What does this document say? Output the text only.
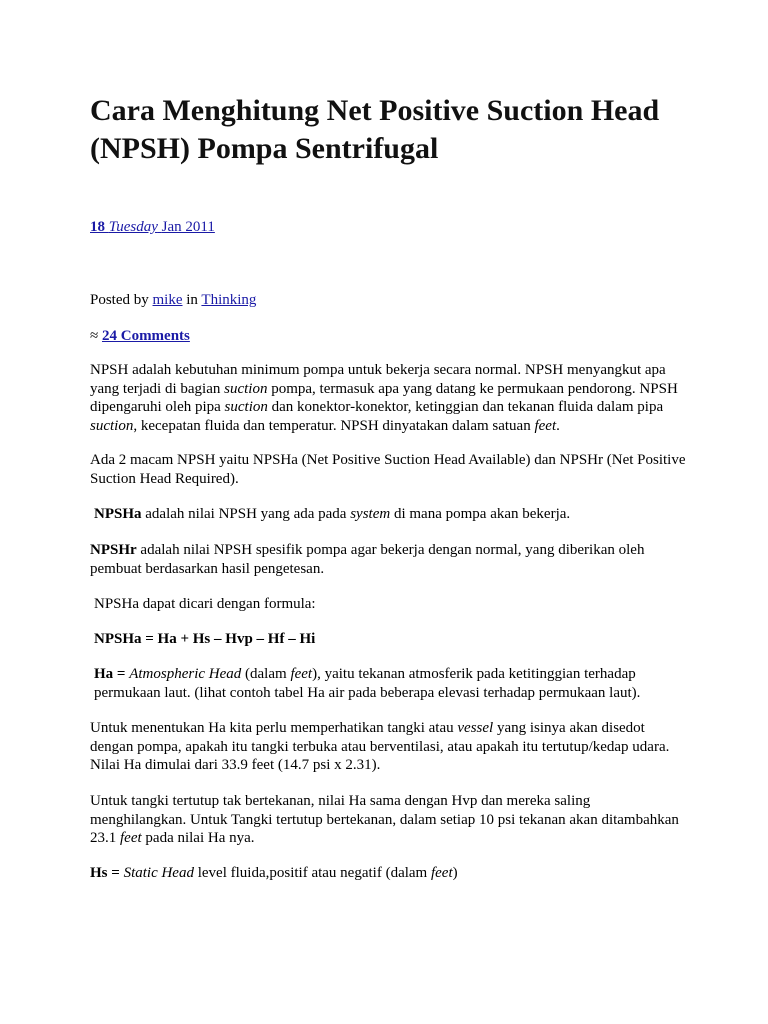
Cara Menghitung Net Positive Suction Head (NPSH) Pompa Sentrifugal
18 Tuesday Jan 2011
Posted by mike in Thinking
≈ 24 Comments

NPSH adalah kebutuhan minimum pompa untuk bekerja secara normal. NPSH menyangkut apa yang terjadi di bagian suction pompa, termasuk apa yang datang ke permukaan pendorong. NPSH dipengaruhi oleh pipa suction dan konektor-konektor, ketinggian dan tekanan fluida dalam pipa suction, kecepatan fluida dan temperatur. NPSH dinyatakan dalam satuan feet.

Ada 2 macam NPSH yaitu NPSHa (Net Positive Suction Head Available) dan NPSHr (Net Positive Suction Head Required).

NPSHa adalah nilai NPSH yang ada pada system di mana pompa akan bekerja.

NPSHr adalah nilai NPSH spesifik pompa agar bekerja dengan normal, yang diberikan oleh pembuat berdasarkan hasil pengetesan.

NPSHa dapat dicari dengan formula:

NPSHa = Ha + Hs – Hvp – Hf – Hi

Ha = Atmospheric Head (dalam feet), yaitu tekanan atmosferik pada ketitinggian terhadap permukaan laut. (lihat contoh tabel Ha air pada beberapa elevasi terhadap permukaan laut).

Untuk menentukan Ha kita perlu memperhatikan tangki atau vessel yang isinya akan disedot dengan pompa, apakah itu tangki terbuka atau berventilasi, atau apakah itu tertutup/kedap udara. Nilai Ha dimulai dari 33.9 feet (14.7 psi x 2.31).

Untuk tangki tertutup tak bertekanan, nilai Ha sama dengan Hvp dan mereka saling menghilangkan. Untuk Tangki tertutup bertekanan, dalam setiap 10 psi tekanan akan ditambahkan 23.1 feet pada nilai Ha nya.

Hs = Static Head level fluida,positif atau negatif (dalam feet)
